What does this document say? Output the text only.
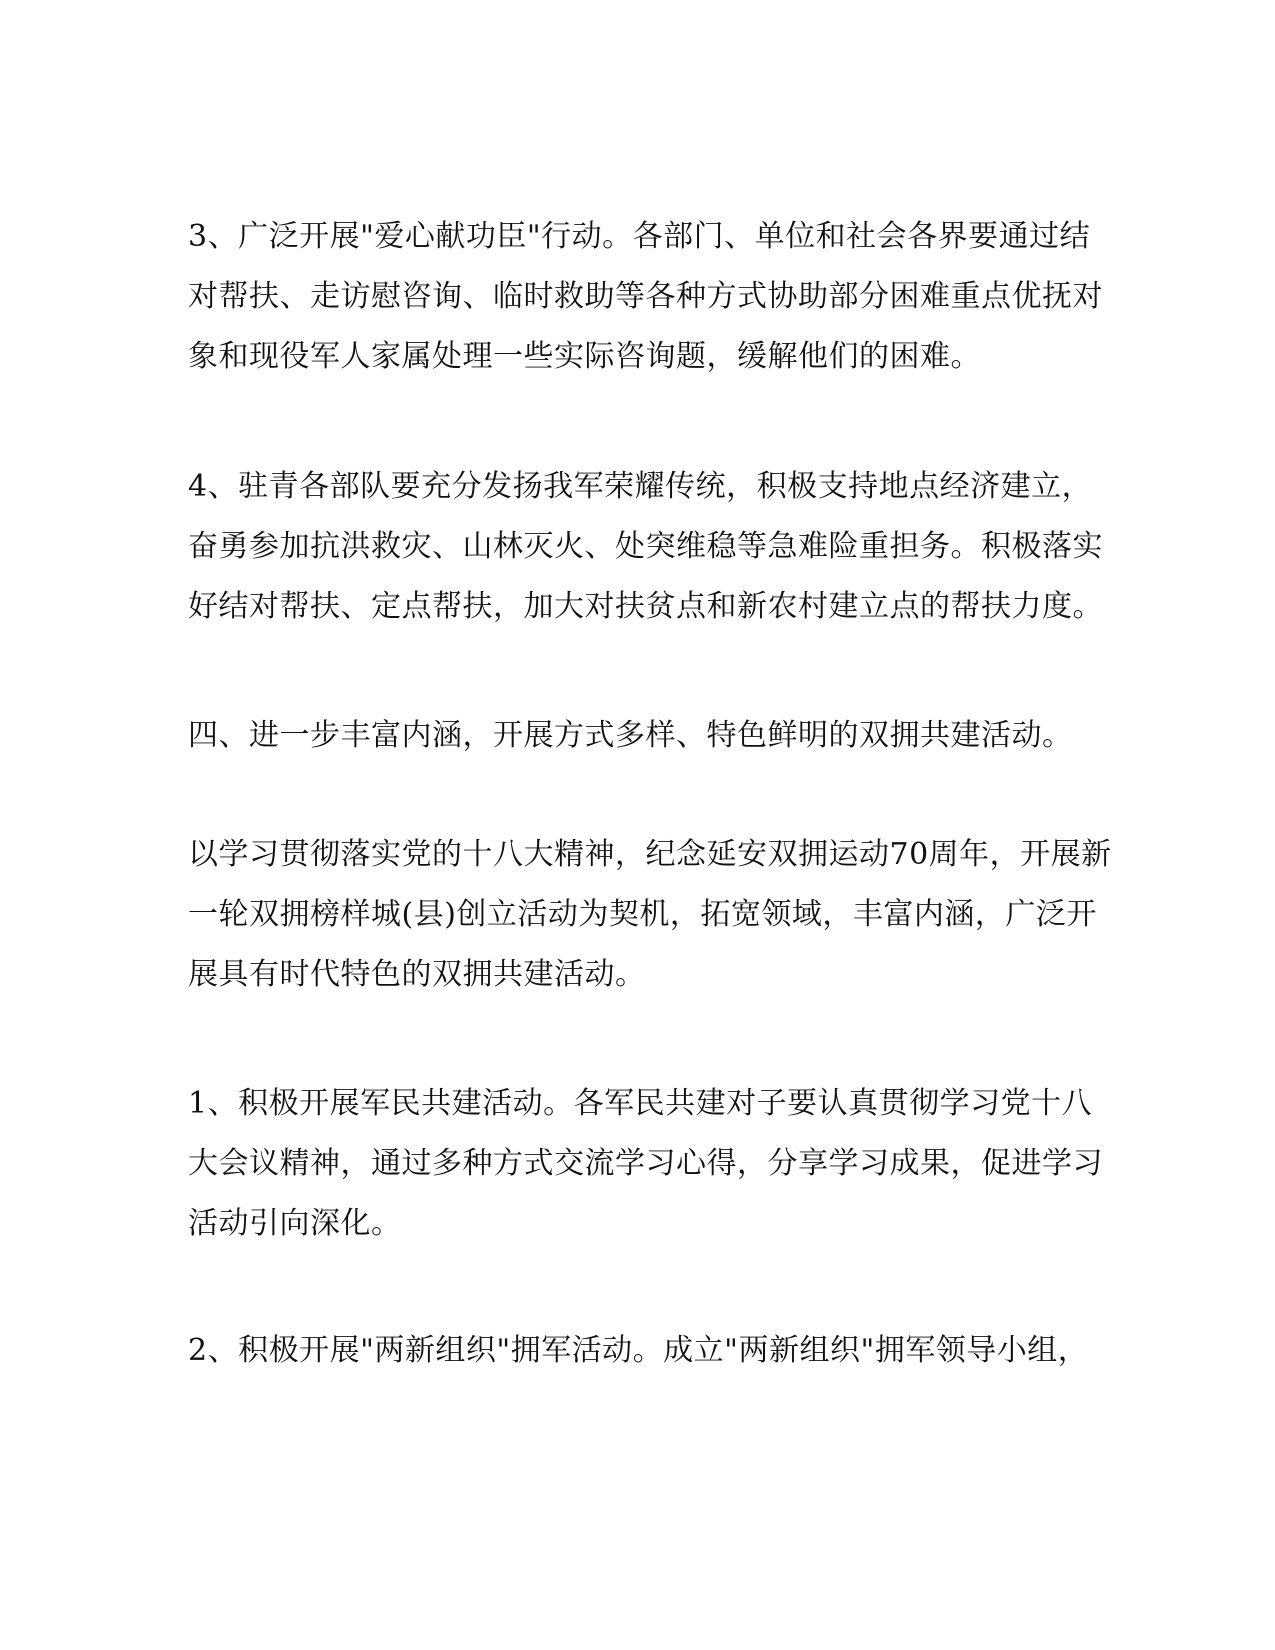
3、广泛开展"爱心献功臣"行动。各部门、单位和社会各界要通过结
对帮扶、走访慰咨询、临时救助等各种方式协助部分困难重点优抚对
象和现役军人家属处理一些实际咨询题，缓解他们的困难。
4、驻青各部队要充分发扬我军荣耀传统，积极支持地点经济建立，
奋勇参加抗洪救灾、山林灭火、处突维稳等急难险重担务。积极落实
好结对帮扶、定点帮扶，加大对扶贫点和新农村建立点的帮扶力度。
四、进一步丰富内涵，开展方式多样、特色鲜明的双拥共建活动。
以学习贯彻落实党的十八大精神，纪念延安双拥运动70周年，开展新
一轮双拥榜样城(县)创立活动为契机，拓宽领域，丰富内涵，广泛开
展具有时代特色的双拥共建活动。
1、积极开展军民共建活动。各军民共建对子要认真贯彻学习党十八
大会议精神，通过多种方式交流学习心得，分享学习成果，促进学习
活动引向深化。
2、积极开展"两新组织"拥军活动。成立"两新组织"拥军领导小组，
